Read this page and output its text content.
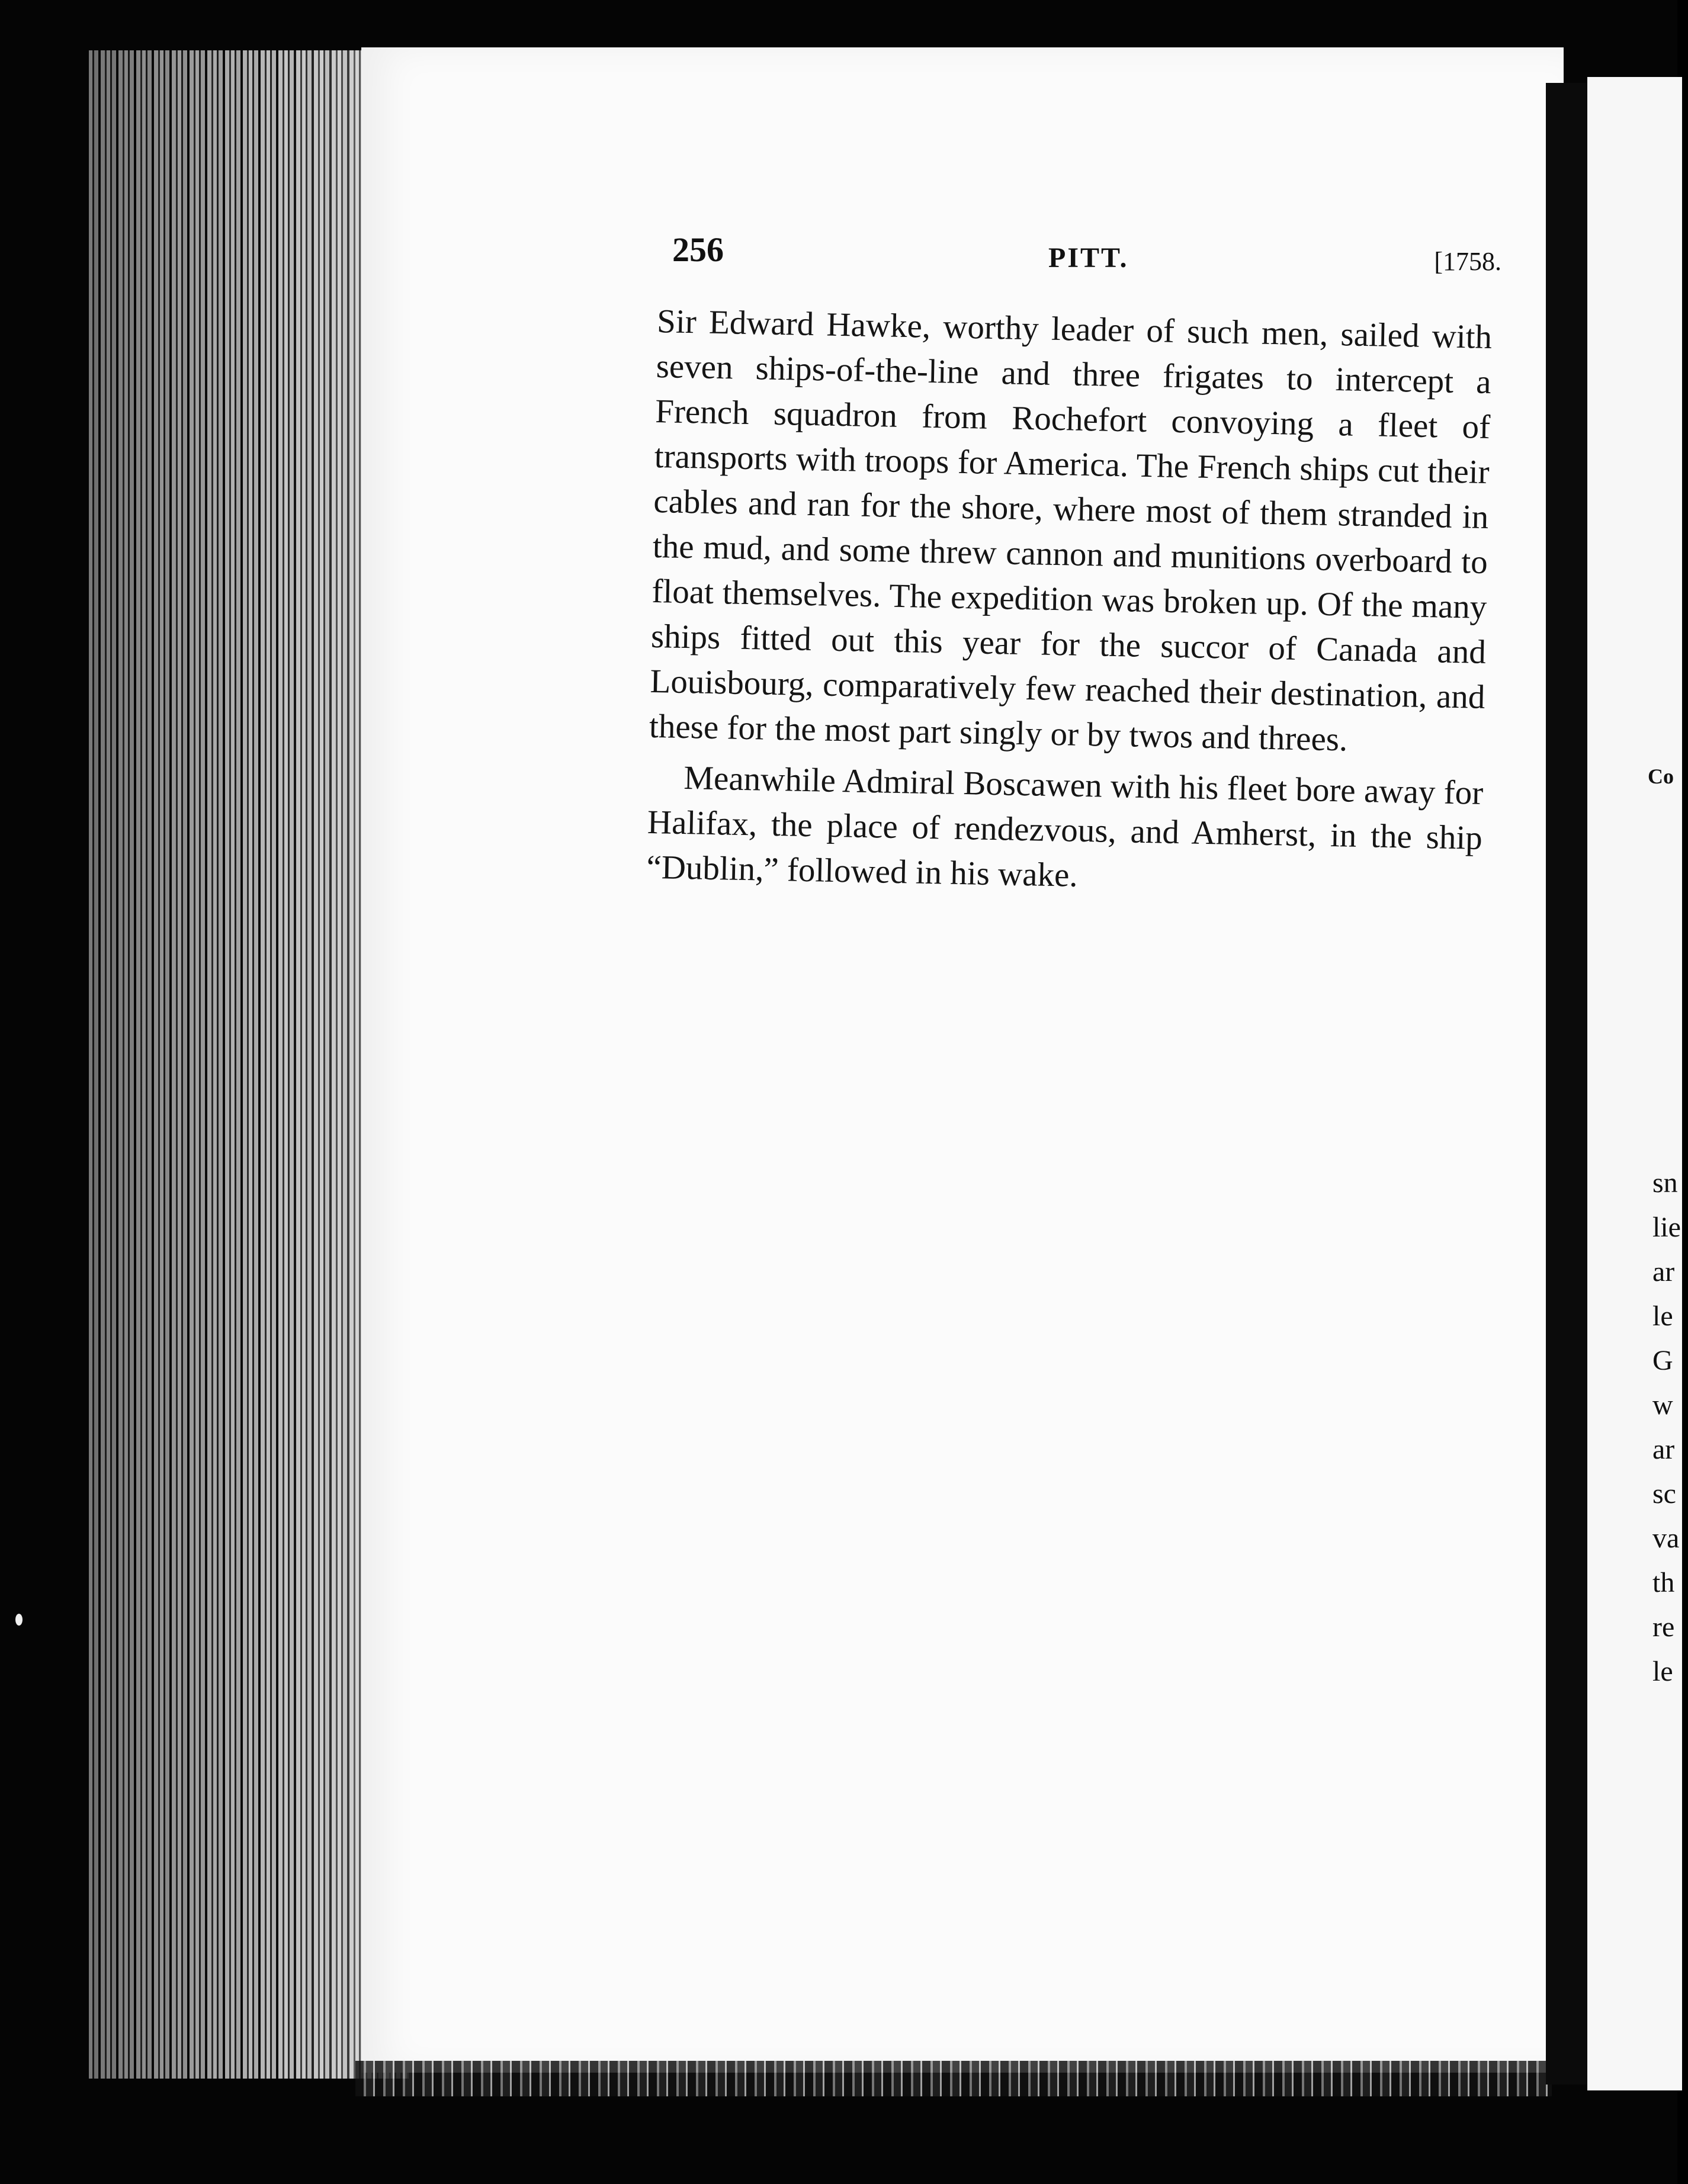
256	PITT.	[1758.

Sir Edward Hawke, worthy leader of such men, sailed with seven ships-of-the-line and three frigates to intercept a French squadron from Rochefort convoying a fleet of transports with troops for America. The French ships cut their cables and ran for the shore, where most of them stranded in the mud, and some threw cannon and munitions overboard to float themselves. The expedition was broken up. Of the many ships fitted out this year for the succor of Canada and Louisbourg, comparatively few reached their destination, and these for the most part singly or by twos and threes.

Meanwhile Admiral Boscawen with his fleet bore away for Halifax, the place of rendezvous, and Amherst, in the ship “Dublin,” followed in his wake.

Co
sn
lie
ar
le
G
w
ar
sc
va
th
re
le
